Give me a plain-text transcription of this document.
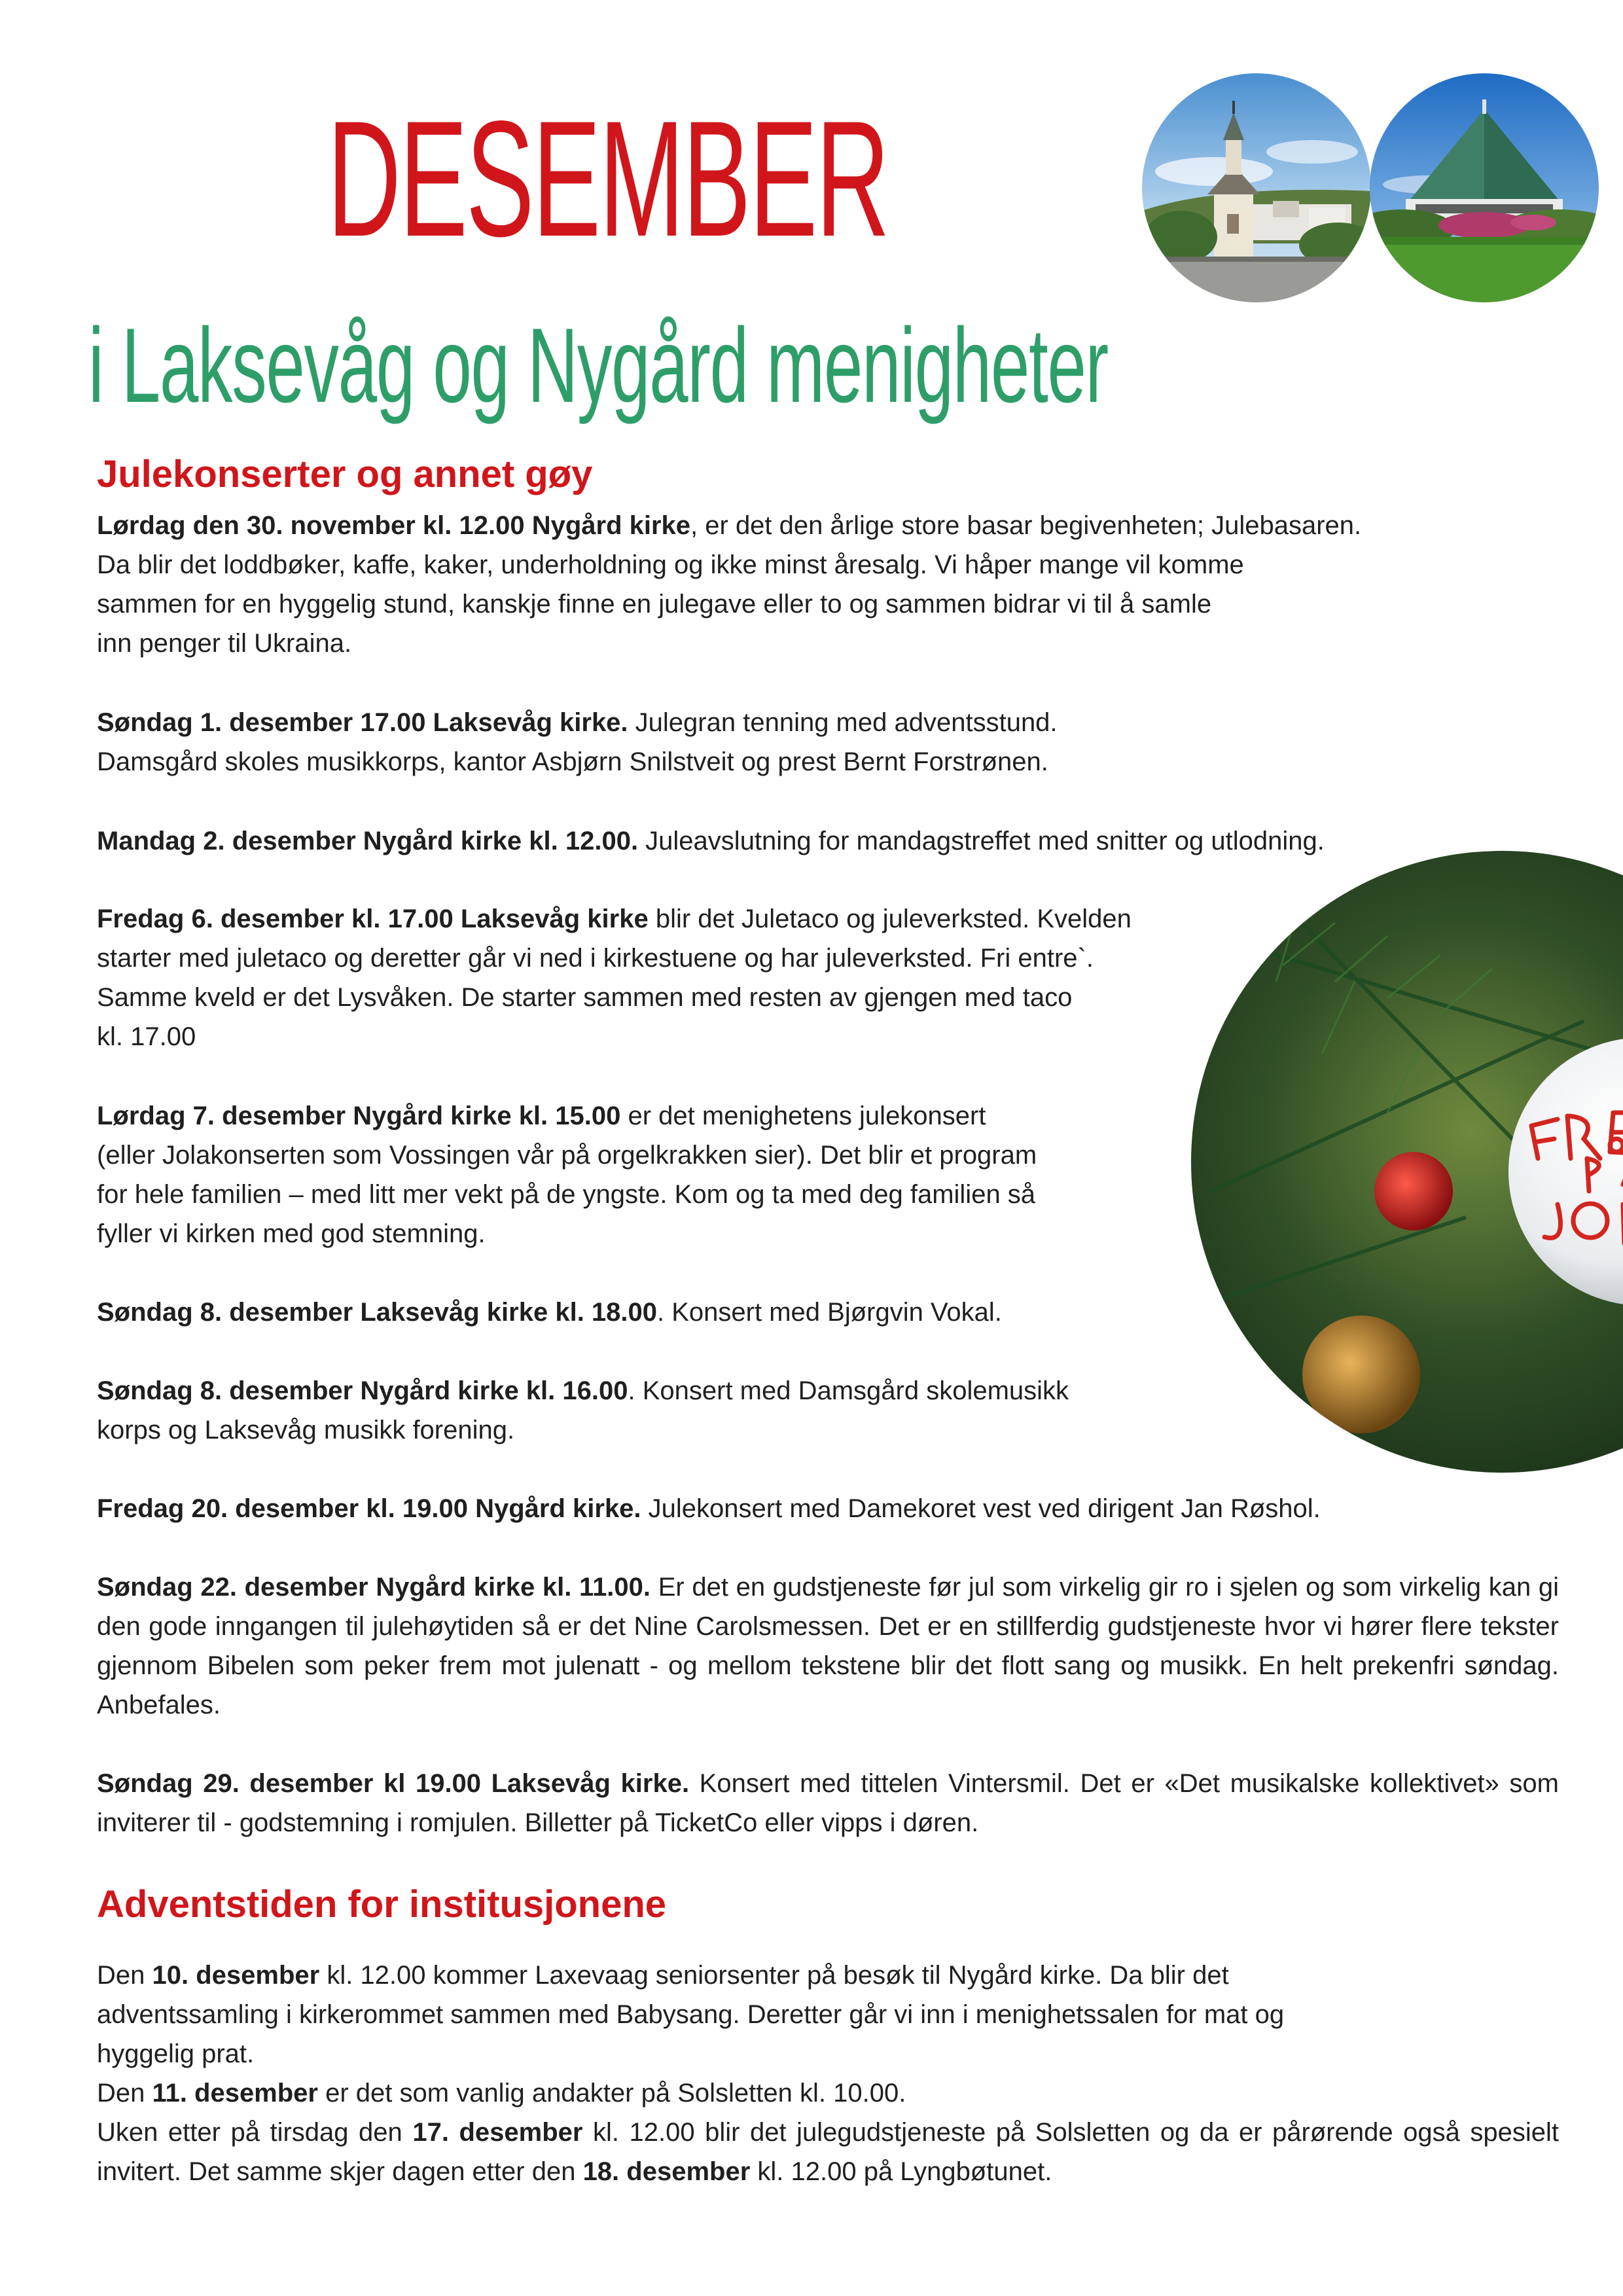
DESEMBER
i Laksevåg og Nygård menigheter
Julekonserter og annet gøy

Lørdag den 30. november kl. 12.00 Nygård kirke, er det den årlige store basar begivenheten; Julebasaren.
Da blir det loddbøker, kaffe, kaker, underholdning og ikke minst åresalg. Vi håper mange vil komme
sammen for en hyggelig stund, kanskje finne en julegave eller to og sammen bidrar vi til å samle
inn penger til Ukraina.

Søndag 1. desember 17.00 Laksevåg kirke. Julegran tenning med adventsstund.
Damsgård skoles musikkorps, kantor Asbjørn Snilstveit og prest Bernt Forstrønen.

Mandag 2. desember Nygård kirke kl. 12.00. Juleavslutning for mandagstreffet med snitter og utlodning.

Fredag 6. desember kl. 17.00 Laksevåg kirke blir det Juletaco og juleverksted. Kvelden
starter med juletaco og deretter går vi ned i kirkestuene og har juleverksted. Fri entre`.
Samme kveld er det Lysvåken. De starter sammen med resten av gjengen med taco
kl. 17.00

Lørdag 7. desember Nygård kirke kl. 15.00 er det menighetens julekonsert
(eller Jolakonserten som Vossingen vår på orgelkrakken sier). Det blir et program
for hele familien – med litt mer vekt på de yngste. Kom og ta med deg familien så
fyller vi kirken med god stemning.

Søndag 8. desember Laksevåg kirke kl. 18.00. Konsert med Bjørgvin Vokal.

Søndag 8. desember Nygård kirke kl. 16.00. Konsert med Damsgård skolemusikk
korps og Laksevåg musikk forening.

Fredag 20. desember kl. 19.00 Nygård kirke. Julekonsert med Damekoret vest ved dirigent Jan Røshol.

Søndag 22. desember Nygård kirke kl. 11.00. Er det en gudstjeneste før jul som virkelig gir ro i sjelen og som virkelig kan gi den gode inngangen til julehøytiden så er det Nine Carolsmessen. Det er en stillferdig gudstjeneste hvor vi hører flere tekster gjennom Bibelen som peker frem mot julenatt - og mellom tekstene blir det flott sang og musikk. En helt prekenfri søndag. Anbefales.

Søndag 29. desember kl 19.00 Laksevåg kirke. Konsert med tittelen Vintersmil. Det er «Det musikalske kollektivet» som inviterer til - godstemning i romjulen. Billetter på TicketCo eller vipps i døren.

Adventstiden for institusjonene

Den 10. desember kl. 12.00 kommer Laxevaag seniorsenter på besøk til Nygård kirke. Da blir det
adventssamling i kirkerommet sammen med Babysang. Deretter går vi inn i menighetssalen for mat og
hyggelig prat.

Den 11. desember er det som vanlig andakter på Solsletten kl. 10.00.

Uken etter på tirsdag den 17. desember kl. 12.00 blir det julegudstjeneste på Solsletten og da er pårørende også spesielt invitert. Det samme skjer dagen etter den 18. desember kl. 12.00 på Lyngbøtunet.
